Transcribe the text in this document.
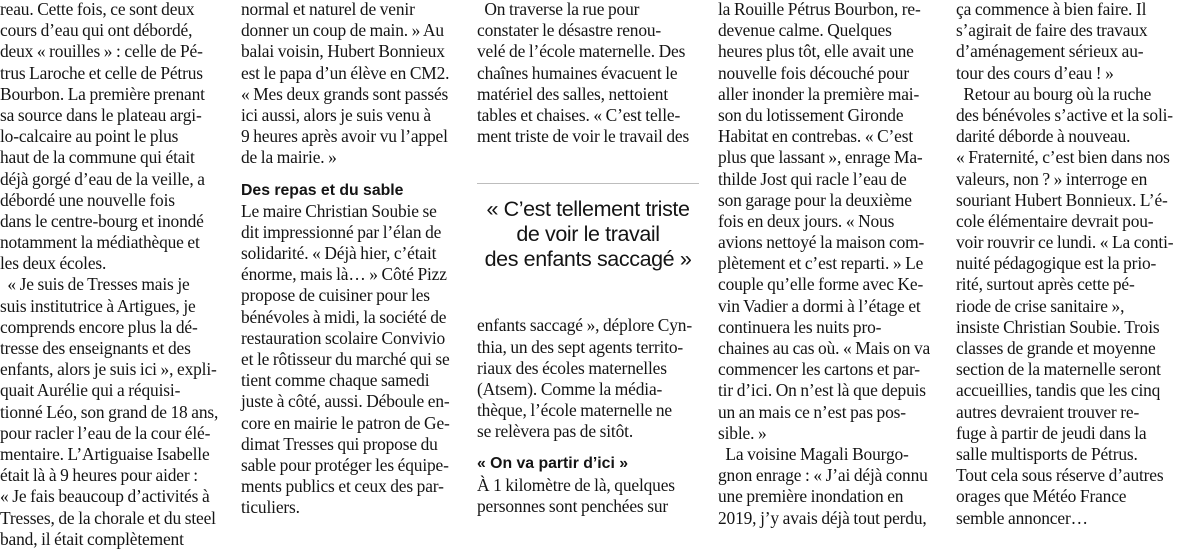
reau. Cette fois, ce sont deux
cours d’eau qui ont débordé,
deux « rouilles » : celle de Pé-
trus Laroche et celle de Pétrus
Bourbon. La première prenant
sa source dans le plateau argi-
lo-calcaire au point le plus
haut de la commune qui était
déjà gorgé d’eau de la veille, a
débordé une nouvelle fois
dans le centre-bourg et inondé
notamment la médiathèque et
les deux écoles.
« Je suis de Tresses mais je
suis institutrice à Artigues, je
comprends encore plus la dé-
tresse des enseignants et des
enfants, alors je suis ici », expli-
quait Aurélie qui a réquisi-
tionné Léo, son grand de 18 ans,
pour racler l’eau de la cour élé-
mentaire. L’Artiguaise Isabelle
était là à 9 heures pour aider :
« Je fais beaucoup d’activités à
Tresses, de la chorale et du steel
band, il était complètement
normal et naturel de venir
donner un coup de main. » Au
balai voisin, Hubert Bonnieux
est le papa d’un élève en CM2.
« Mes deux grands sont passés
ici aussi, alors je suis venu à
9 heures après avoir vu l’appel
de la mairie. »
Des repas et du sable
Le maire Christian Soubie se
dit impressionné par l’élan de
solidarité. « Déjà hier, c’était
énorme, mais là… » Côté Pizz
propose de cuisiner pour les
bénévoles à midi, la société de
restauration scolaire Convivio
et le rôtisseur du marché qui se
tient comme chaque samedi
juste à côté, aussi. Déboule en-
core en mairie le patron de Ge-
dimat Tresses qui propose du
sable pour protéger les équipe-
ments publics et ceux des par-
ticuliers.
On traverse la rue pour
constater le désastre renou-
velé de l’école maternelle. Des
chaînes humaines évacuent le
matériel des salles, nettoient
tables et chaises. « C’est telle-
ment triste de voir le travail des
« C’est tellement triste
de voir le travail
des enfants saccagé »
enfants saccagé », déplore Cyn-
thia, un des sept agents territo-
riaux des écoles maternelles
(Atsem). Comme la média-
thèque, l’école maternelle ne
se relèvera pas de sitôt.
« On va partir d’ici »
À 1 kilomètre de là, quelques
personnes sont penchées sur
la Rouille Pétrus Bourbon, re-
devenue calme. Quelques
heures plus tôt, elle avait une
nouvelle fois découché pour
aller inonder la première mai-
son du lotissement Gironde
Habitat en contrebas. « C’est
plus que lassant », enrage Ma-
thilde Jost qui racle l’eau de
son garage pour la deuxième
fois en deux jours. « Nous
avions nettoyé la maison com-
plètement et c’est reparti. » Le
couple qu’elle forme avec Ke-
vin Vadier a dormi à l’étage et
continuera les nuits pro-
chaines au cas où. « Mais on va
commencer les cartons et par-
tir d’ici. On n’est là que depuis
un an mais ce n’est pas pos-
sible. »
La voisine Magali Bourgo-
gnon enrage : « J’ai déjà connu
une première inondation en
2019, j’y avais déjà tout perdu,
ça commence à bien faire. Il
s’agirait de faire des travaux
d’aménagement sérieux au-
tour des cours d’eau ! »
Retour au bourg où la ruche
des bénévoles s’active et la soli-
darité déborde à nouveau.
« Fraternité, c’est bien dans nos
valeurs, non ? » interroge en
souriant Hubert Bonnieux. L’é-
cole élémentaire devrait pou-
voir rouvrir ce lundi. « La conti-
nuité pédagogique est la prio-
rité, surtout après cette pé-
riode de crise sanitaire »,
insiste Christian Soubie. Trois
classes de grande et moyenne
section de la maternelle seront
accueillies, tandis que les cinq
autres devraient trouver re-
fuge à partir de jeudi dans la
salle multisports de Pétrus.
Tout cela sous réserve d’autres
orages que Météo France
semble annoncer…
